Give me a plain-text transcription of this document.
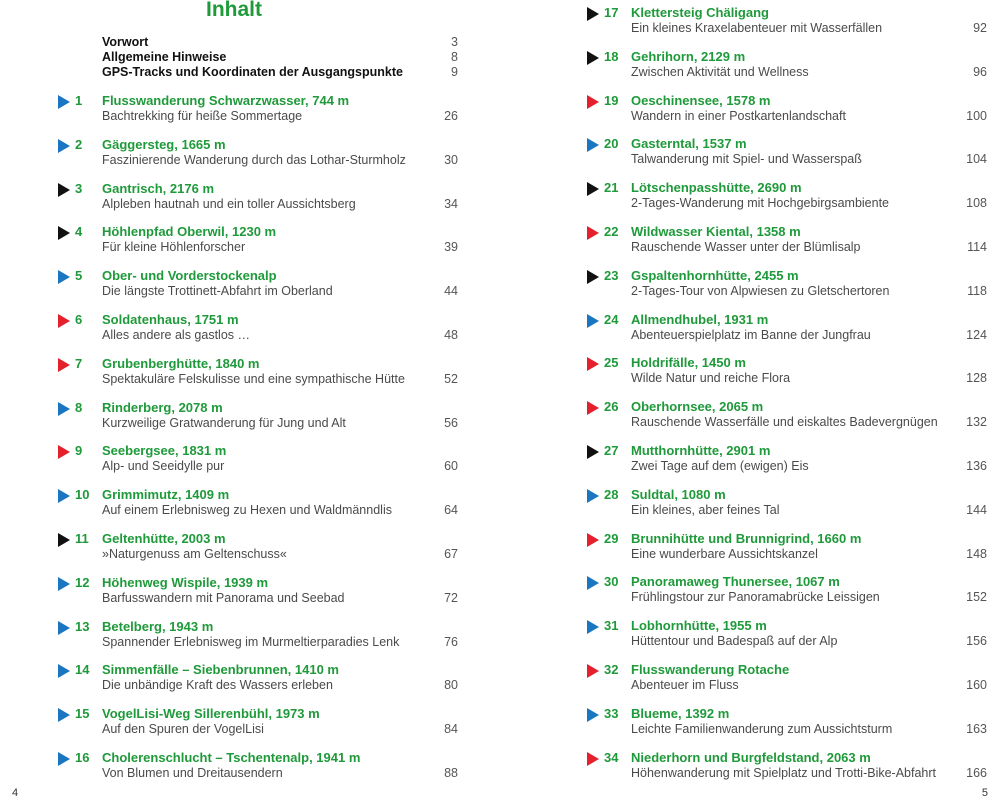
Inhalt
Vorwort	3
Allgemeine Hinweise	8
GPS-Tracks und Koordinaten der Ausgangspunkte	9
1 Flusswanderung Schwarzwasser, 744 m
Bachtrekking für heiße Sommertage	26
2 Gäggersteg, 1665 m
Faszinierende Wanderung durch das Lothar-Sturmholz	30
3 Gantrisch, 2176 m
Alpleben hautnah und ein toller Aussichtsberg	34
4 Höhlenpfad Oberwil, 1230 m
Für kleine Höhlenforscher	39
5 Ober- und Vorderstockenalp
Die längste Trottinett-Abfahrt im Oberland	44
6 Soldatenhaus, 1751 m
Alles andere als gastlos …	48
7 Grubenberghütte, 1840 m
Spektakuläre Felskulisse und eine sympathische Hütte	52
8 Rinderberg, 2078 m
Kurzweilige Gratwanderung für Jung und Alt	56
9 Seebergsee, 1831 m
Alp- und Seeidylle pur	60
10 Grimmimutz, 1409 m
Auf einem Erlebnisweg zu Hexen und Waldmänndlis	64
11 Geltenhütte, 2003 m
»Naturgenuss am Geltenschuss«	67
12 Höhenweg Wispile, 1939 m
Barfusswandern mit Panorama und Seebad	72
13 Betelberg, 1943 m
Spannender Erlebnisweg im Murmeltierparadies Lenk	76
14 Simmenfälle – Siebenbrunnen, 1410 m
Die unbändige Kraft des Wassers erleben	80
15 VogelLisi-Weg Sillerenbühl, 1973 m
Auf den Spuren der VogelLisi	84
16 Cholerenschlucht – Tschentenalp, 1941 m
Von Blumen und Dreitausendern	88
4
17 Klettersteig Chäligang
Ein kleines Kraxelabenteuer mit Wasserfällen	92
18 Gehrihorn, 2129 m
Zwischen Aktivität und Wellness	96
19 Oeschinensee, 1578 m
Wandern in einer Postkartenlandschaft	100
20 Gasterntal, 1537 m
Talwanderung mit Spiel- und Wasserspaß	104
21 Lötschenpasshütte, 2690 m
2-Tages-Wanderung mit Hochgebirgsambiente	108
22 Wildwasser Kiental, 1358 m
Rauschende Wasser unter der Blümlisalp	114
23 Gspaltenhornhütte, 2455 m
2-Tages-Tour von Alpwiesen zu Gletschertoren	118
24 Allmendhubel, 1931 m
Abenteuerspielplatz im Banne der Jungfrau	124
25 Holdrifälle, 1450 m
Wilde Natur und reiche Flora	128
26 Oberhornsee, 2065 m
Rauschende Wasserfälle und eiskaltes Badevergnügen 132
27 Mutthornhütte, 2901 m
Zwei Tage auf dem (ewigen) Eis	136
28 Suldtal, 1080 m
Ein kleines, aber feines Tal	144
29 Brunnihütte und Brunnigrind, 1660 m
Eine wunderbare Aussichtskanzel	148
30 Panoramaweg Thunersee, 1067 m
Frühlingstour zur Panoramabrücke Leissigen	152
31 Lobhornhütte, 1955 m
Hüttentour und Badespaß auf der Alp	156
32 Flusswanderung Rotache
Abenteuer im Fluss	160
33 Blueme, 1392 m
Leichte Familienwanderung zum Aussichtsturm	163
34 Niederhorn und Burgfeldstand, 2063 m
Höhenwanderung mit Spielplatz und Trotti-Bike-Abfahrt 166
5
